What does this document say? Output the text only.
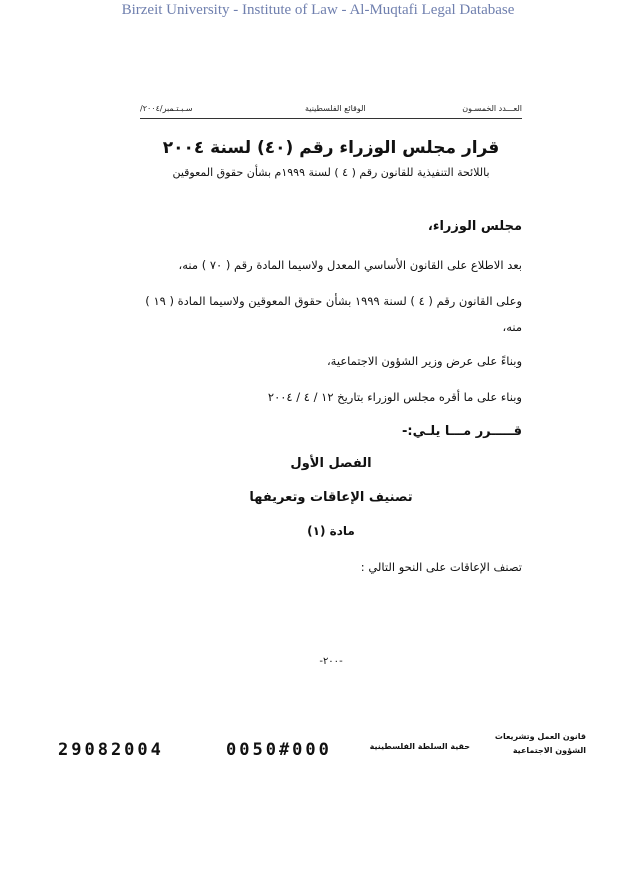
Birzeit University - Institute of Law - Al-Muqtafi Legal Database
العـــدد الخمسـون
الوقائع الفلسطينية
/سـبـتـمبر/٢٠٠٤
قرار مجلس الوزراء رقم (٤٠) لسنة ٢٠٠٤
باللائحة التنفيذية للقانون رقم ( ٤ ) لسنة ١٩٩٩م بشأن حقوق المعوقين
مجلس الوزراء،
بعد الاطلاع على القانون الأساسي المعدل ولاسيما المادة رقم ( ٧٠ ) منه،
وعلى القانون رقم ( ٤ ) لسنة ١٩٩٩ بشأن حقوق المعوقين ولاسيما المادة ( ١٩ )
منه،
وبناءً على عرض وزير الشؤون الاجتماعية،
وبناء على ما أقره مجلس الوزراء بتاريخ ١٢ / ٤ / ٢٠٠٤
قـــــرر مـــا يلـي:-
الفصل الأول
تصنيف الإعاقات وتعريفها
مادة (١)
تصنف الإعاقات على النحو التالي :
-٢٠٠-
29082004	0050#000	حقية السلطة الفلسطينية
قانون العمل وتشريعات
الشؤون الاجتماعية
